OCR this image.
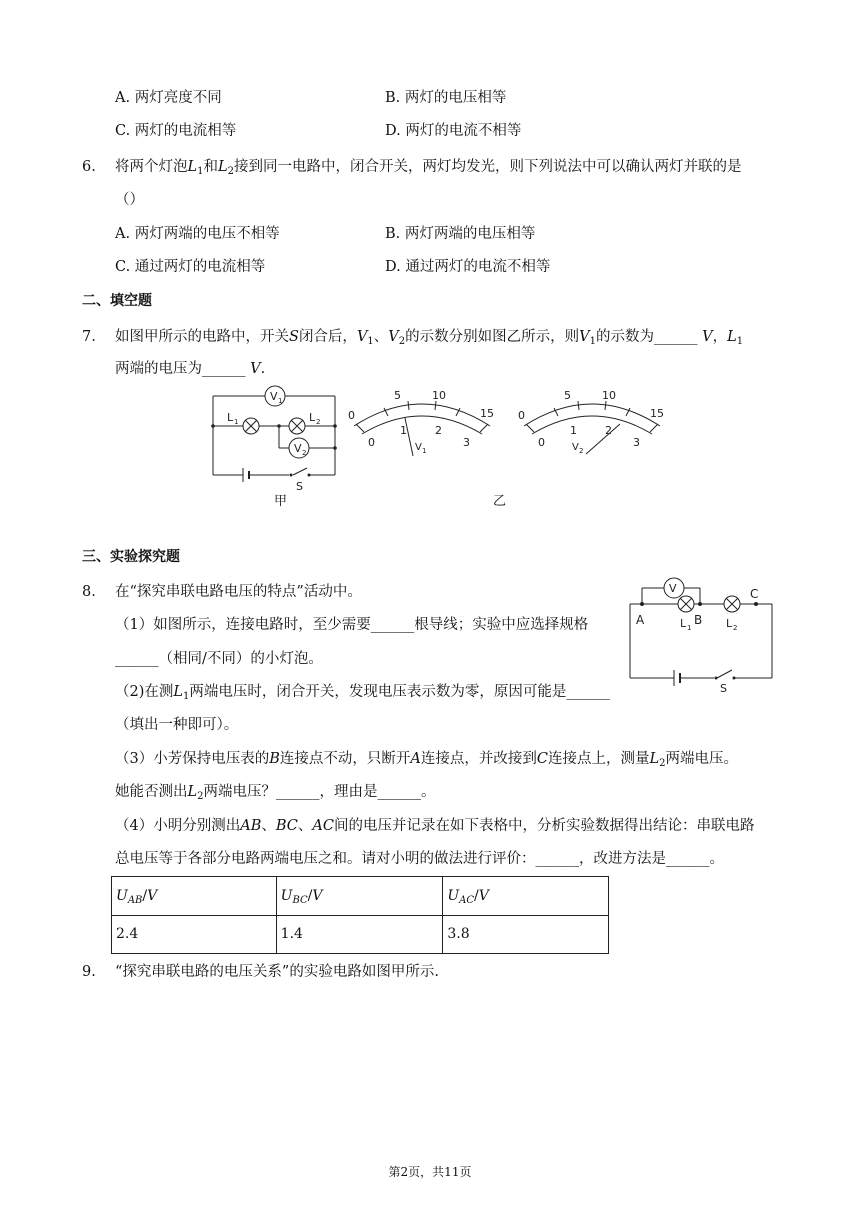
A. 两灯亮度不同	B. 两灯的电压相等
C. 两灯的电流相等	D. 两灯的电流不相等
6. 将两个灯泡$L_1$和$L_2$接到同一电路中，闭合开关，两灯均发光，则下列说法中可以确认两灯并联的是
（）
A. 两灯两端的电压不相等	B. 两灯两端的电压相等
C. 通过两灯的电流相等	D. 通过两灯的电流不相等
二、填空题
7. 如图甲所示的电路中，开关S闭合后，$V_1$、$V_2$的示数分别如图乙所示，则$V_1$的示数为______ V，$L_1$
两端的电压为______ V.
V 1
V 2
L 1	L 2
S
甲
0
5	10
15
0
1	2
3
V 1
0
5	10
15
0
1	2
3
V 2
乙
三、实验探究题
8. 在“探究串联电路电压的特点”活动中。
（1）如图所示，连接电路时，至少需要______根导线；实验中应选择规格
______（相同/不同）的小灯泡。
（2)在测$L_1$两端电压时，闭合开关，发现电压表示数为零，原因可能是______
（填出一种即可）。
V
A	B
C
L 1	L 2
S
（3）小芳保持电压表的B连接点不动，只断开A连接点，并改接到C连接点上，测量$L_2$两端电压。
她能否测出$L_2$两端电压？______，理由是______。
（4）小明分别测出AB、BC、AC间的电压并记录在如下表格中，分析实验数据得出结论：串联电路
总电压等于各部分电路两端电压之和。请对小明的做法进行评价：______，改进方法是______。
$U_{AB}/V$	$U_{BC}/V$	$U_{AC}/V$
2.4	1.4	3.8
9. “探究串联电路的电压关系”的实验电路如图甲所示.
第2页，共11页
